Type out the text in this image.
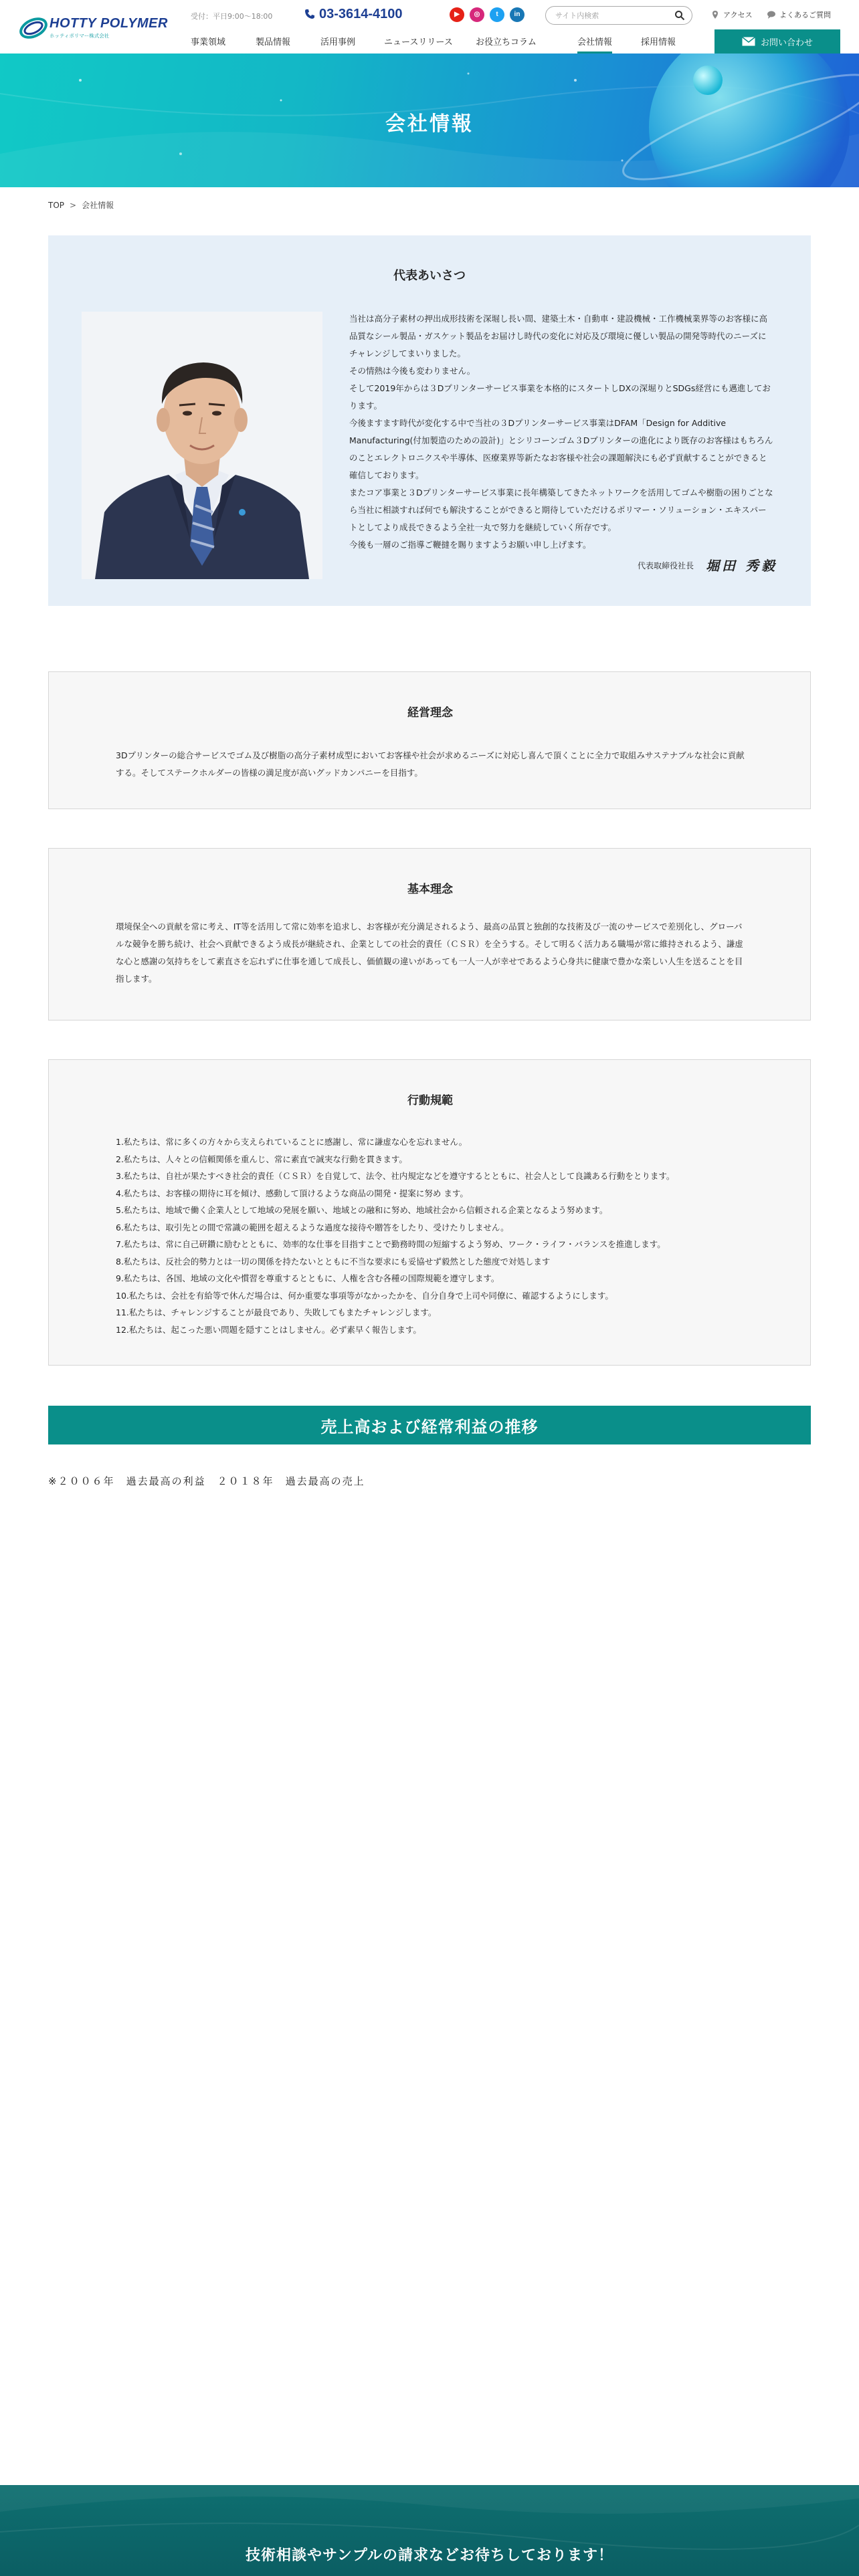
HOTTY POLYMER
ホッティポリマー株式会社
受付：平日9:00〜18:00	03-3614-4100	▶	◎	t	in
サイト内検索	アクセス	よくあるご質問
事業領域	製品情報	活用事例	ニュースリリース	お役立ちコラム	会社情報	採用情報	お問い合わせ
会社情報
TOP > 会社情報
代表あいさつ

当社は高分子素材の押出成形技術を深堀し長い間、建築土木・自動車・建設機械・工作機械業界等のお客様に高品質なシール製品・ガスケット製品をお届けし時代の変化に対応及び環境に優しい製品の開発等時代のニーズにチャレンジしてまいりました。

その情熱は今後も変わりません。

そして2019年からは３Dプリンターサービス事業を本格的にスタートしDXの深堀りとSDGs経営にも邁進しております。

今後ますます時代が変化する中で当社の３Dプリンターサービス事業はDFAM「Design for Additive Manufacturing(付加製造のための設計)」とシリコーンゴム３Dプリンターの進化により既存のお客様はもちろんのことエレクトロニクスや半導体、医療業界等新たなお客様や社会の課題解決にも必ず貢献することができると確信しております。

またコア事業と３Dプリンターサービス事業に長年構築してきたネットワークを活用してゴムや樹脂の困りごとなら当社に相談すれば何でも解決することができると期待していただけるポリマー・ソリューション・エキスパートとしてより成長できるよう全社一丸で努力を継続していく所存です。

今後も一層のご指導ご鞭撻を賜りますようお願い申し上げます。

代表取締役社長 堀田 秀毅
経営理念

3Dプリンターの総合サービスでゴム及び樹脂の高分子素材成型においてお客様や社会が求めるニーズに対応し喜んで頂くことに全力で取組みサステナブルな社会に貢献する。そしてステークホルダーの皆様の満足度が高いグッドカンパニーを目指す。

基本理念

環境保全への貢献を常に考え、IT等を活用して常に効率を追求し、お客様が充分満足されるよう、最高の品質と独創的な技術及び一流のサービスで差別化し、グローバルな競争を勝ち続け、社会へ貢献できるよう成長が継続され、企業としての社会的責任（ＣＳＲ）を全うする。そして明るく活力ある職場が常に維持されるよう、謙虚な心と感謝の気持ちをして素直さを忘れずに仕事を通して成長し、価値観の違いがあっても一人一人が幸せであるよう心身共に健康で豊かな楽しい人生を送ることを目指します。

行動規範
1.私たちは、常に多くの方々から支えられていることに感謝し、常に謙虚な心を忘れません。
2.私たちは、人々との信頼関係を重んじ、常に素直で誠実な行動を貫きます。
3.私たちは、自社が果たすべき社会的責任（ＣＳＲ）を自覚して、法令、社内規定などを遵守するとともに、社会人として良識ある行動をとります。
4.私たちは、お客様の期待に耳を傾け、感動して頂けるような商品の開発・提案に努め ます。
5.私たちは、地域で働く企業人として地域の発展を願い、地域との融和に努め、地域社会から信頼される企業となるよう努めます。
6.私たちは、取引先との間で常識の範囲を超えるような過度な接待や贈答をしたり、受けたりしません。
7.私たちは、常に自己研鑽に励むとともに、効率的な仕事を目指すことで勤務時間の短縮するよう努め、ワーク・ライフ・バランスを推進します。
8.私たちは、反社会的勢力とは一切の関係を持たないとともに不当な要求にも妥協せず毅然とした態度で対処します
9.私たちは、各国、地域の文化や慣習を尊重するとともに、人権を含む各種の国際規範を遵守します。
10.私たちは、会社を有給等で休んだ場合は、何か重要な事項等がなかったかを、自分自身で上司や同僚に、確認するようにします。
11.私たちは、チャレンジすることが最良であり、失敗してもまたチャレンジします。
12.私たちは、起こった悪い問題を隠すことはしません。必ず素早く報告します。
売上高および経常利益の推移

※２００６年　過去最高の利益　２０１８年　過去最高の売上

技術相談やサンプルの請求などお待ちしております！
